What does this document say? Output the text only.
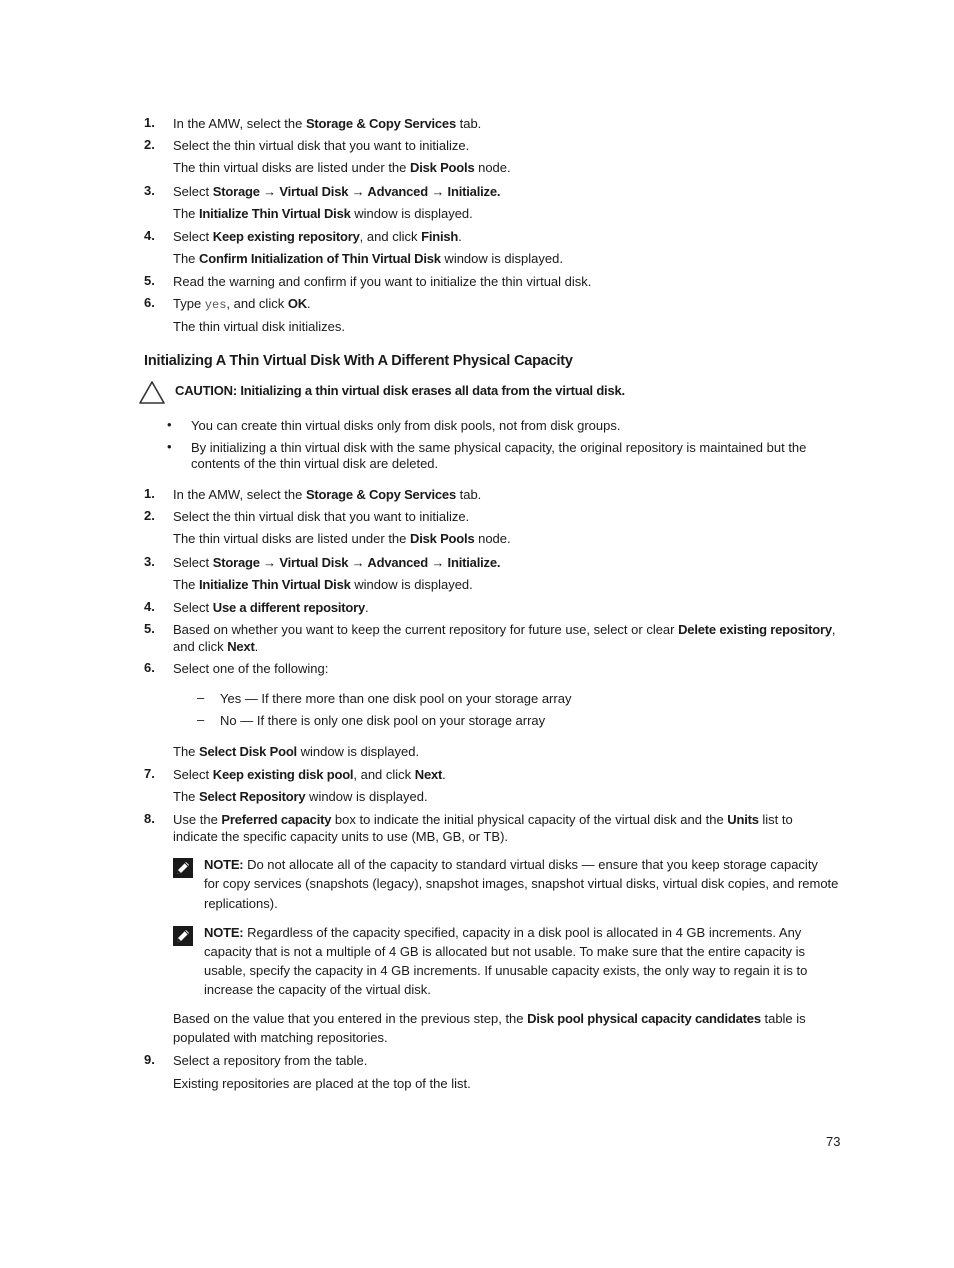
1. In the AMW, select the Storage & Copy Services tab.
2. Select the thin virtual disk that you want to initialize.
The thin virtual disks are listed under the Disk Pools node.
3. Select Storage → Virtual Disk → Advanced → Initialize.
The Initialize Thin Virtual Disk window is displayed.
4. Select Keep existing repository, and click Finish.
The Confirm Initialization of Thin Virtual Disk window is displayed.
5. Read the warning and confirm if you want to initialize the thin virtual disk.
6. Type yes, and click OK.
The thin virtual disk initializes.
Initializing A Thin Virtual Disk With A Different Physical Capacity
CAUTION: Initializing a thin virtual disk erases all data from the virtual disk.
• You can create thin virtual disks only from disk pools, not from disk groups.
• By initializing a thin virtual disk with the same physical capacity, the original repository is maintained but the
contents of the thin virtual disk are deleted.
1. In the AMW, select the Storage & Copy Services tab.
2. Select the thin virtual disk that you want to initialize.
The thin virtual disks are listed under the Disk Pools node.
3. Select Storage → Virtual Disk → Advanced → Initialize.
The Initialize Thin Virtual Disk window is displayed.
4. Select Use a different repository.
5. Based on whether you want to keep the current repository for future use, select or clear Delete existing repository,
and click Next.
6. Select one of the following:
– Yes — If there more than one disk pool on your storage array
– No — If there is only one disk pool on your storage array
The Select Disk Pool window is displayed.
7. Select Keep existing disk pool, and click Next.
The Select Repository window is displayed.
8. Use the Preferred capacity box to indicate the initial physical capacity of the virtual disk and the Units list to
indicate the specific capacity units to use (MB, GB, or TB).
NOTE: Do not allocate all of the capacity to standard virtual disks — ensure that you keep storage capacity
for copy services (snapshots (legacy), snapshot images, snapshot virtual disks, virtual disk copies, and remote
replications).
NOTE: Regardless of the capacity specified, capacity in a disk pool is allocated in 4 GB increments. Any
capacity that is not a multiple of 4 GB is allocated but not usable. To make sure that the entire capacity is
usable, specify the capacity in 4 GB increments. If unusable capacity exists, the only way to regain it is to
increase the capacity of the virtual disk.
Based on the value that you entered in the previous step, the Disk pool physical capacity candidates table is
populated with matching repositories.
9. Select a repository from the table.
Existing repositories are placed at the top of the list.
73
